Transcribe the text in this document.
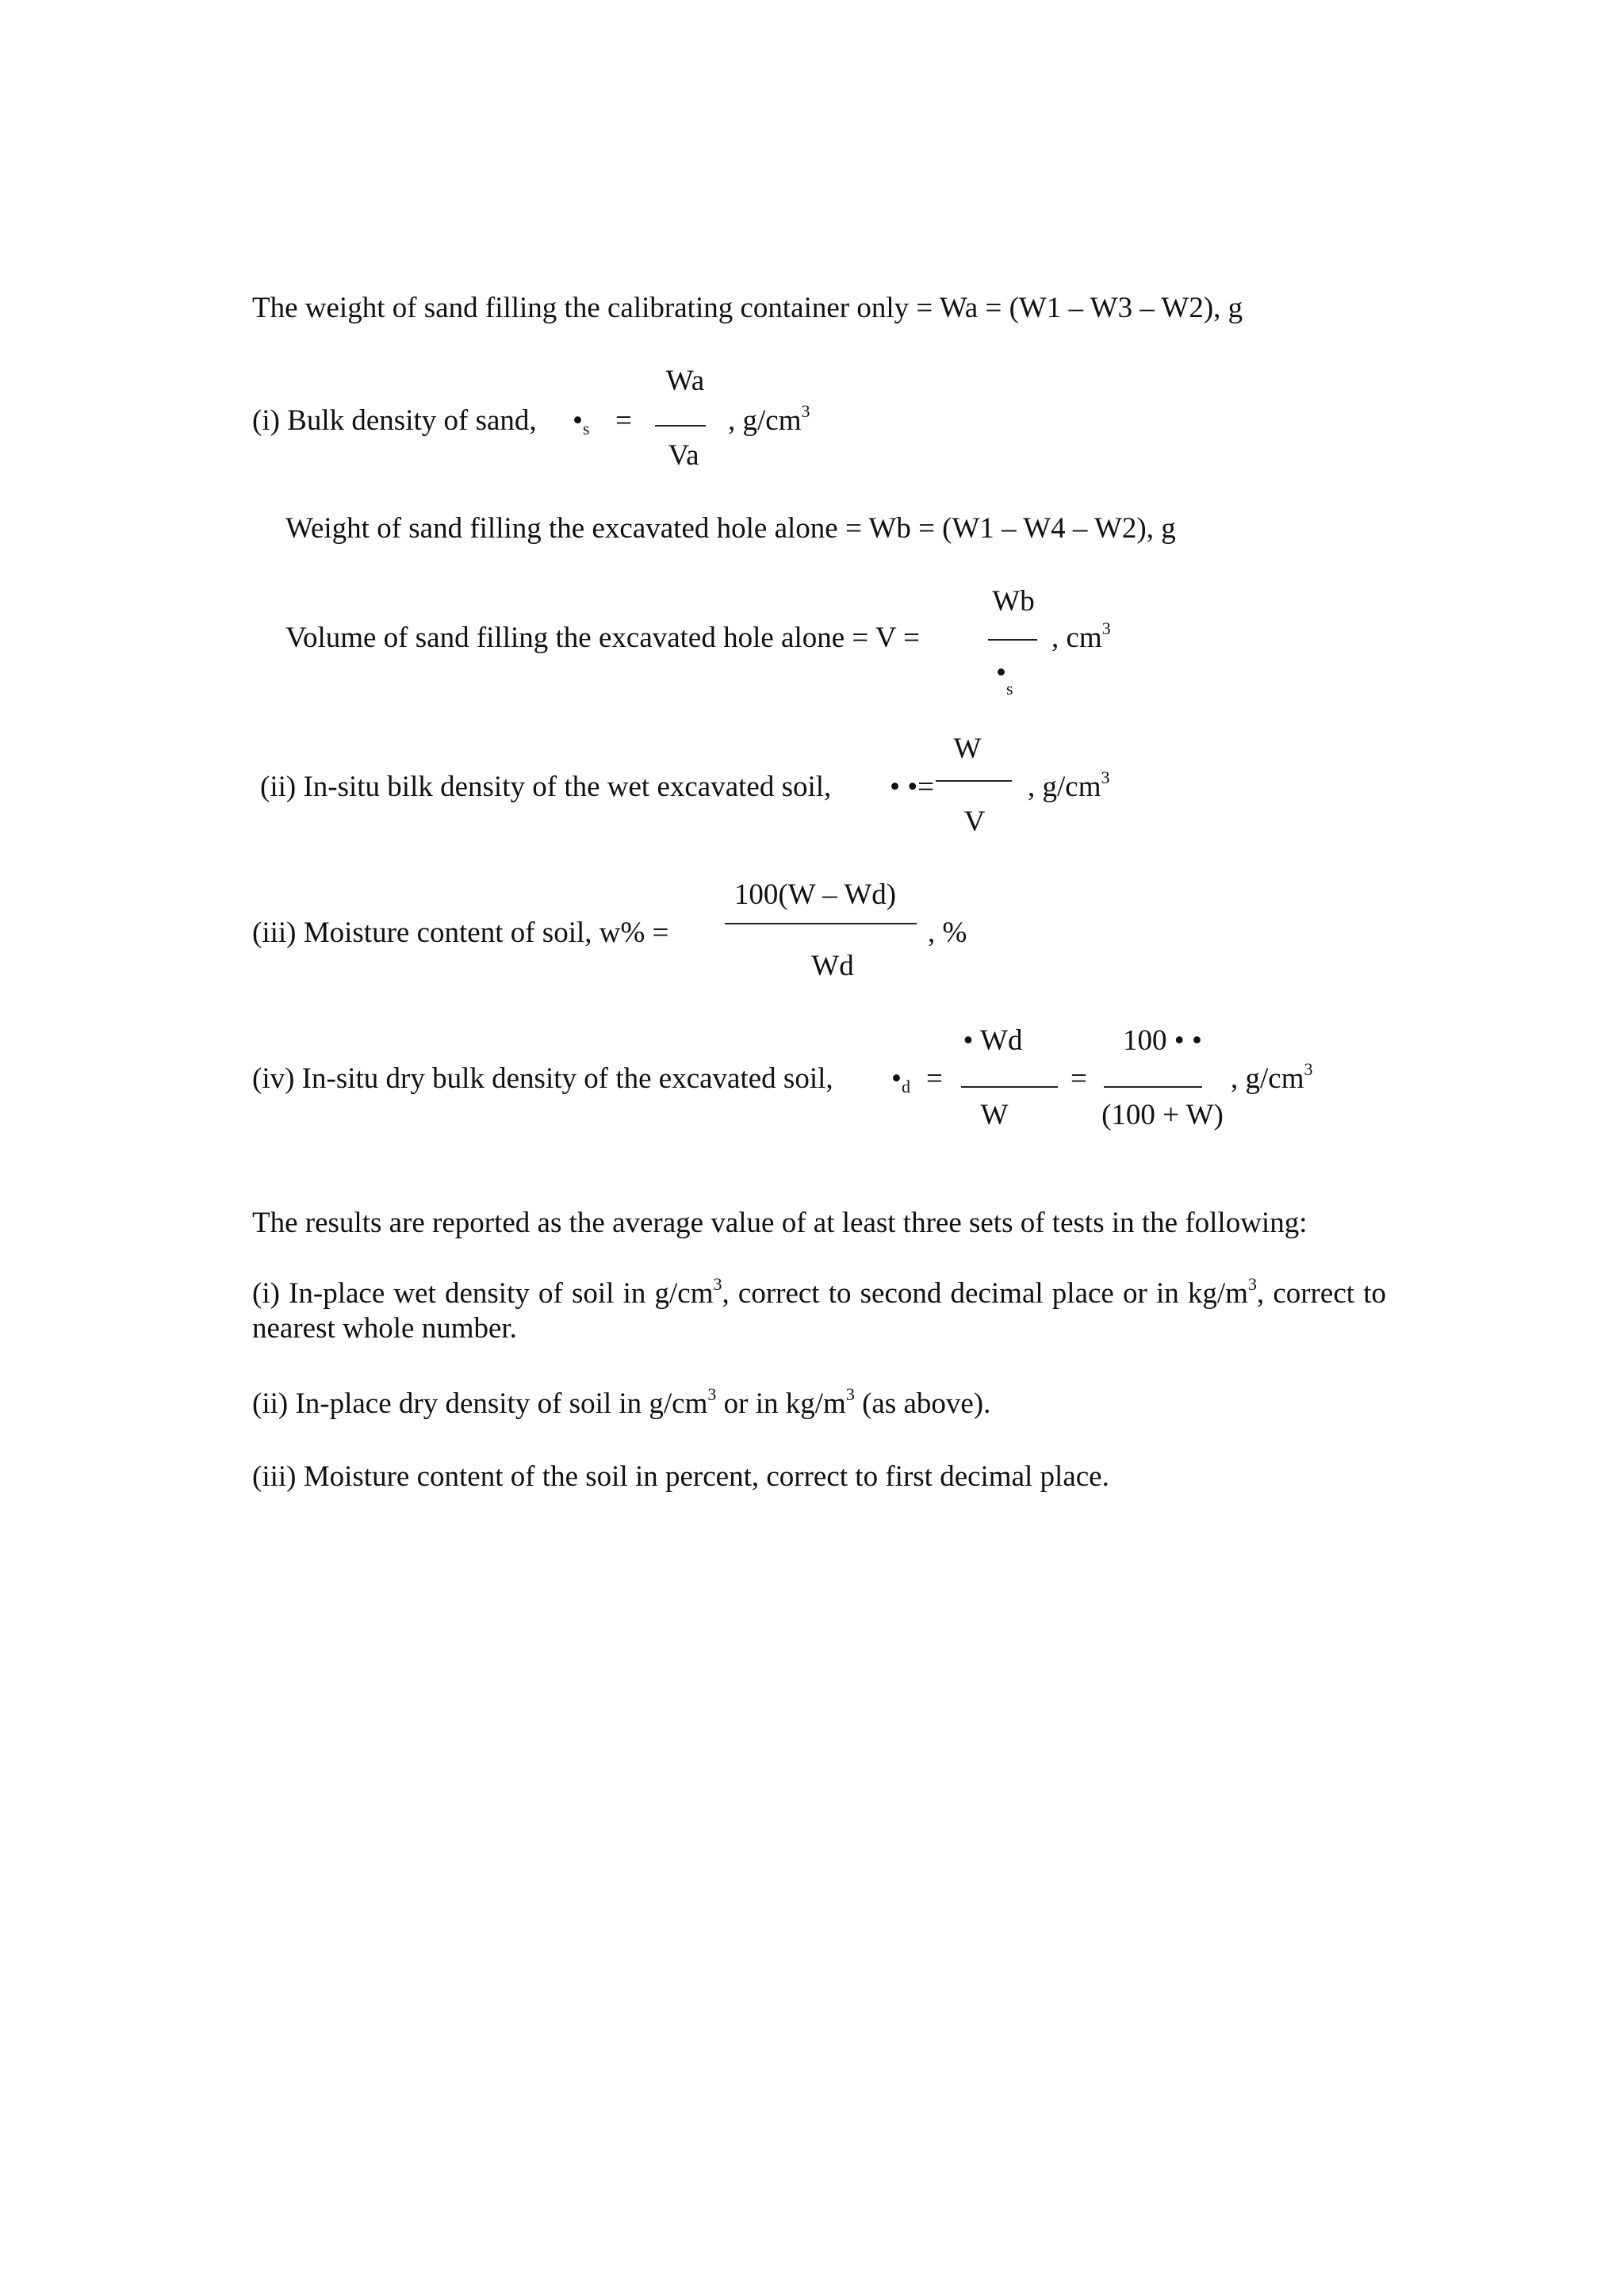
The weight of sand filling the calibrating container only = Wa = (W1 – W3 – W2), g
(i) Bulk density of sand, $•_s$ =
Wa
Va
, $g/cm^3$
Weight of sand filling the excavated hole alone = Wb = (W1 – W4 – W2), g
Volume of sand filling the excavated hole alone = V =
Wb
$•_s$
, $cm^3$
(ii) In-situ bilk density of the wet excavated soil, • •=
W
V
, $g/cm^3$
(iii) Moisture content of soil, w% =
100(W – Wd)
Wd
, %
(iv) In-situ dry bulk density of the excavated soil, $•_d$ =
• Wd
W
=
100 • •
(100 + W)
, $g/cm^3$
The results are reported as the average value of at least three sets of tests in the following:
(i) In-place wet density of soil in $g/cm^3$, correct to second decimal place or in $kg/m^3$, correct to nearest whole number.
(ii) In-place dry density of soil in $g/cm^3$ or in $kg/m^3$ (as above).
(iii) Moisture content of the soil in percent, correct to first decimal place.
